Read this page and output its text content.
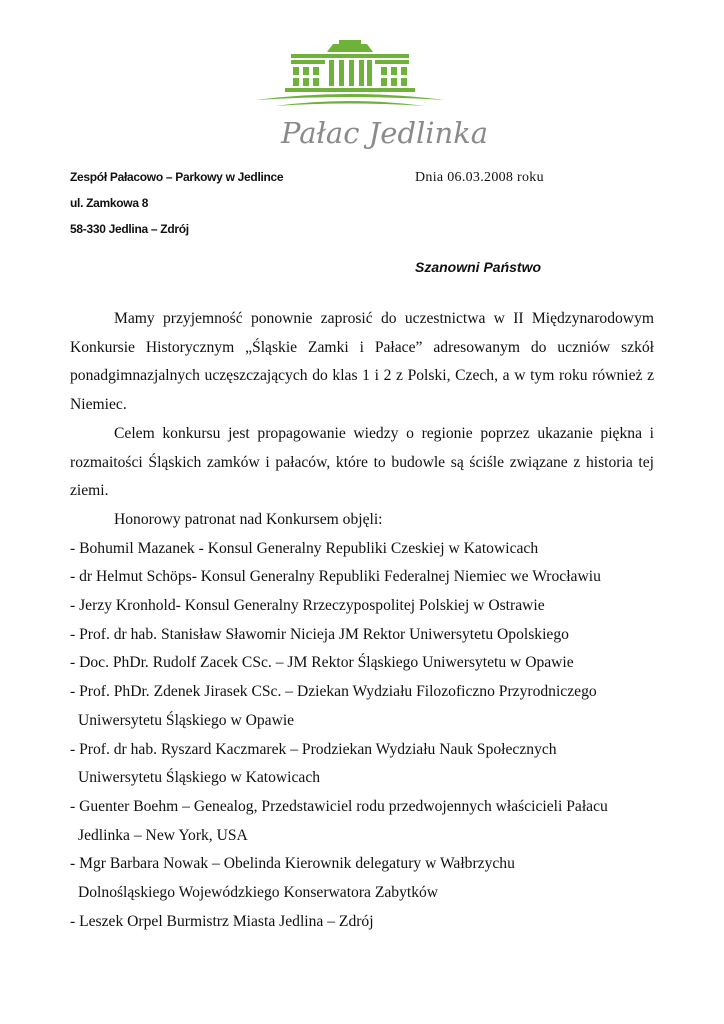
Pałac Jedlinka
Zespół Pałacowo – Parkowy w Jedlince
ul. Zamkowa 8
58-330 Jedlina – Zdrój
Dnia 06.03.2008 roku
Szanowni Państwo

Mamy przyjemność ponownie zaprosić do uczestnictwa w II Międzynarodowym Konkursie Historycznym „Śląskie Zamki i Pałace” adresowanym do uczniów szkół ponadgimnazjalnych uczęszczających do klas 1 i 2 z Polski, Czech, a w tym roku również z Niemiec.

Celem konkursu jest propagowanie wiedzy o regionie poprzez ukazanie piękna i rozmaitości Śląskich zamków i pałaców, które to budowle są ściśle związane z historia tej ziemi.

Honorowy patronat nad Konkursem objęli:

- Bohumil Mazanek - Konsul Generalny Republiki Czeskiej w Katowicach
- dr Helmut Schöps- Konsul Generalny Republiki Federalnej Niemiec we Wrocławiu
- Jerzy Kronhold- Konsul Generalny Rrzeczypospolitej Polskiej w Ostrawie
- Prof. dr hab. Stanisław Sławomir Nicieja JM Rektor Uniwersytetu Opolskiego
- Doc. PhDr. Rudolf Zacek CSc. – JM Rektor Śląskiego Uniwersytetu w Opawie
- Prof. PhDr. Zdenek Jirasek CSc. – Dziekan Wydziału Filozoficzno Przyrodniczego
Uniwersytetu Śląskiego w Opawie
- Prof. dr hab. Ryszard Kaczmarek – Prodziekan Wydziału Nauk Społecznych
Uniwersytetu Śląskiego w Katowicach
- Guenter Boehm – Genealog, Przedstawiciel rodu przedwojennych właścicieli Pałacu
Jedlinka – New York, USA
- Mgr Barbara Nowak – Obelinda Kierownik delegatury w Wałbrzychu
Dolnośląskiego Wojewódzkiego Konserwatora Zabytków
- Leszek Orpel Burmistrz Miasta Jedlina – Zdrój
